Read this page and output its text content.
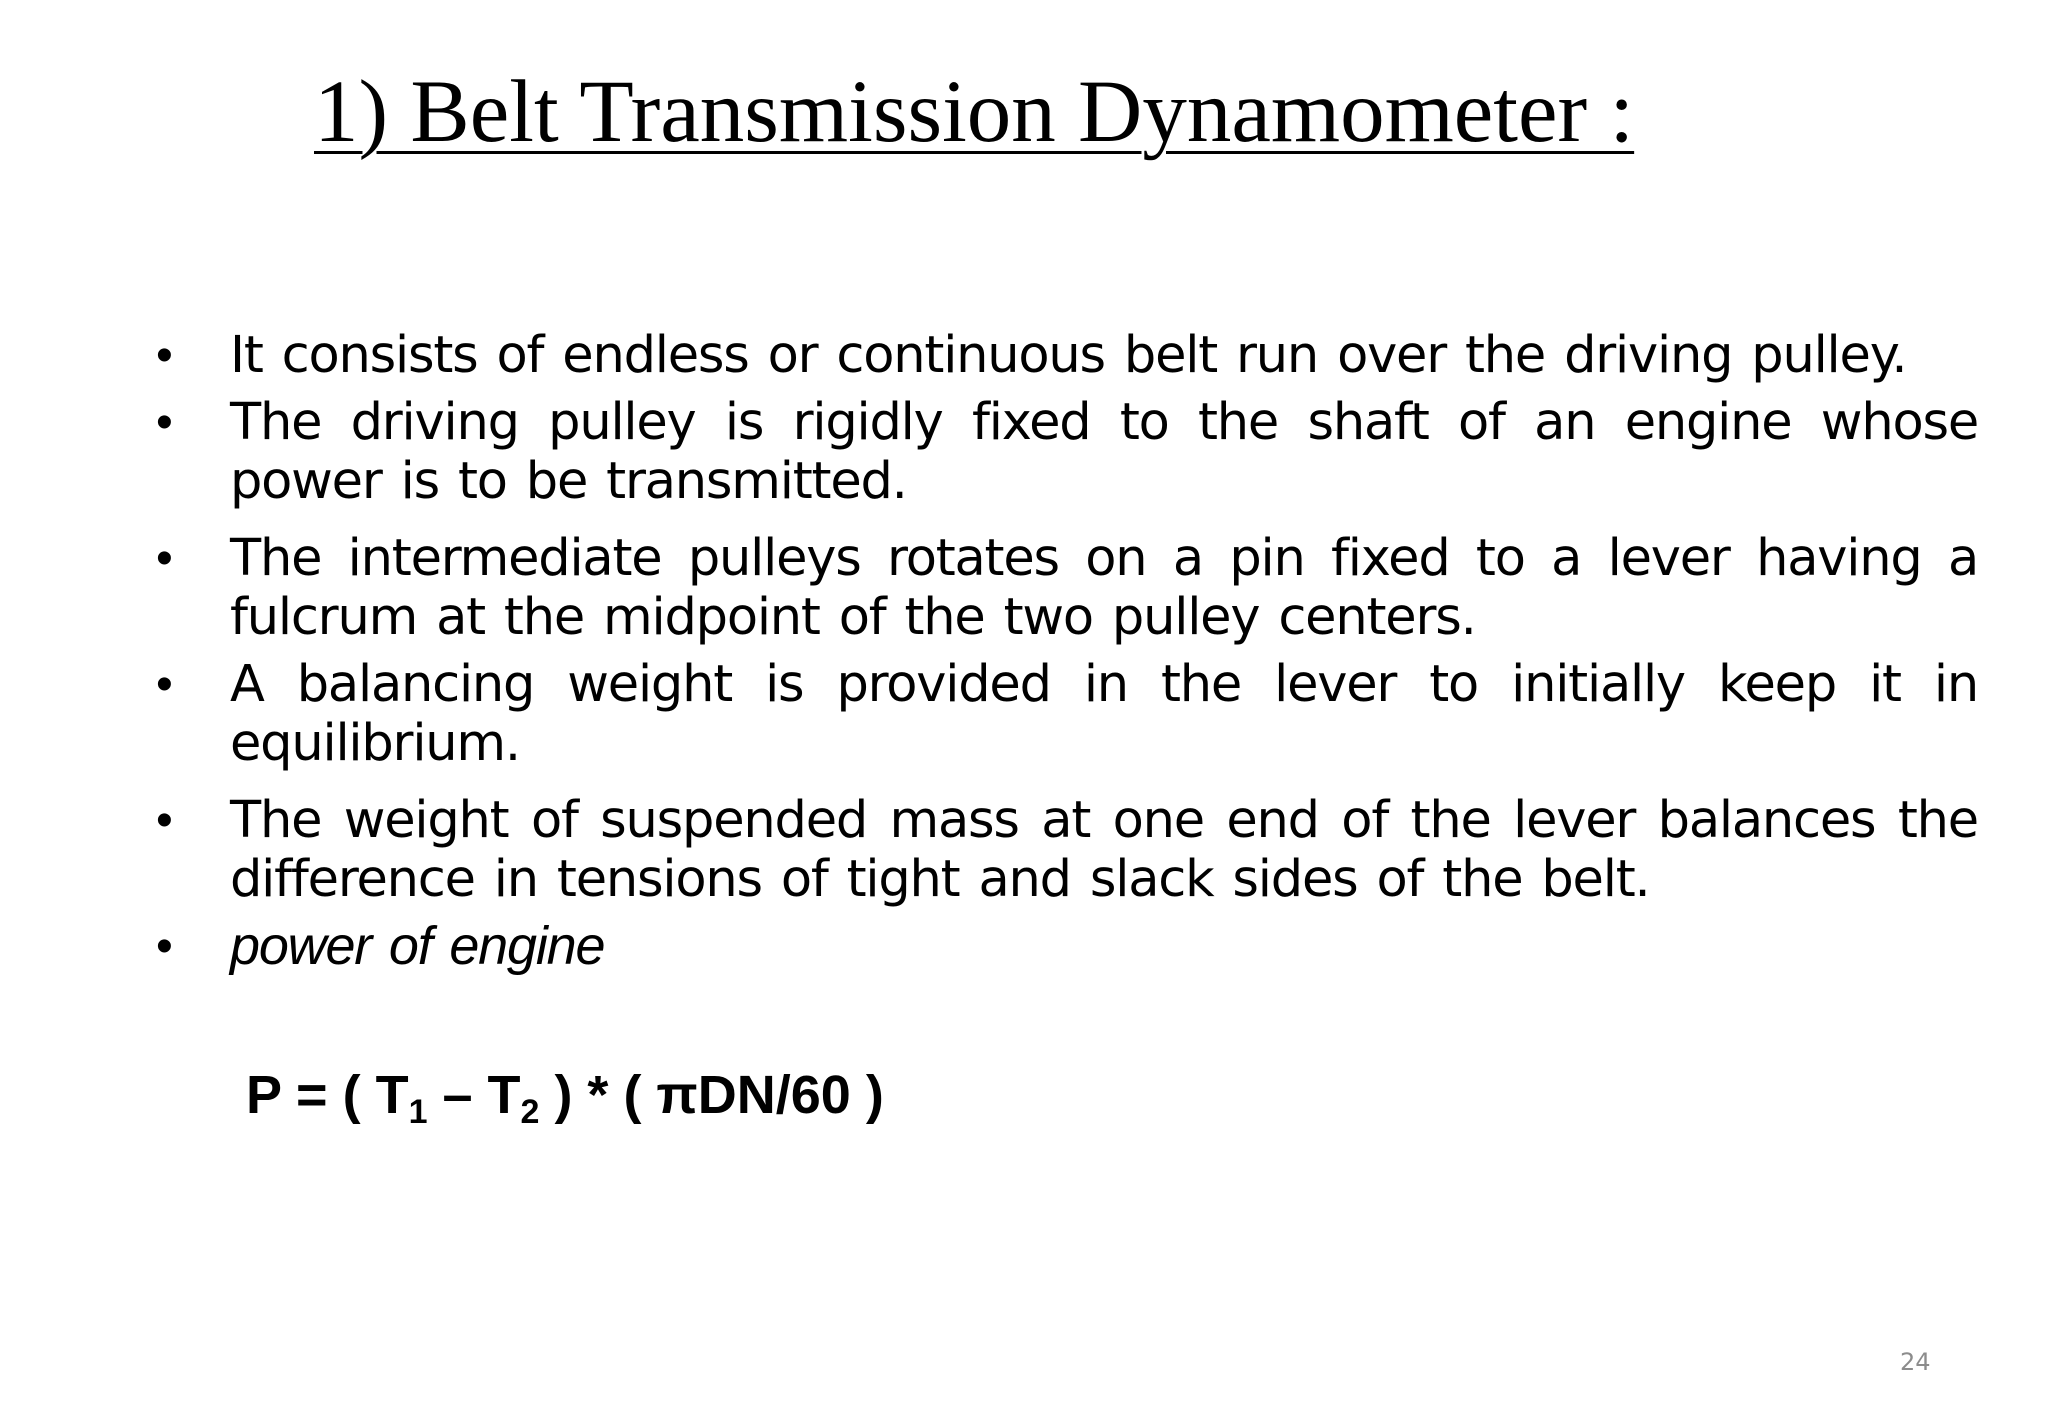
1) Belt Transmission Dynamometer :
• It consists of endless or continuous belt run over the driving pulley.
• The driving pulley is rigidly fixed to the shaft of an engine whose power is to be transmitted.
• The intermediate pulleys rotates on a pin fixed to a lever having a fulcrum at the midpoint of the two pulley centers.
• A balancing weight is provided in the lever to initially keep it in equilibrium.
• The weight of suspended mass at one end of the lever balances the difference in tensions of tight and slack sides of the belt.
• power of engine

P = ( $T_1 - T_2$ ) * ( πDN/60 )

24
